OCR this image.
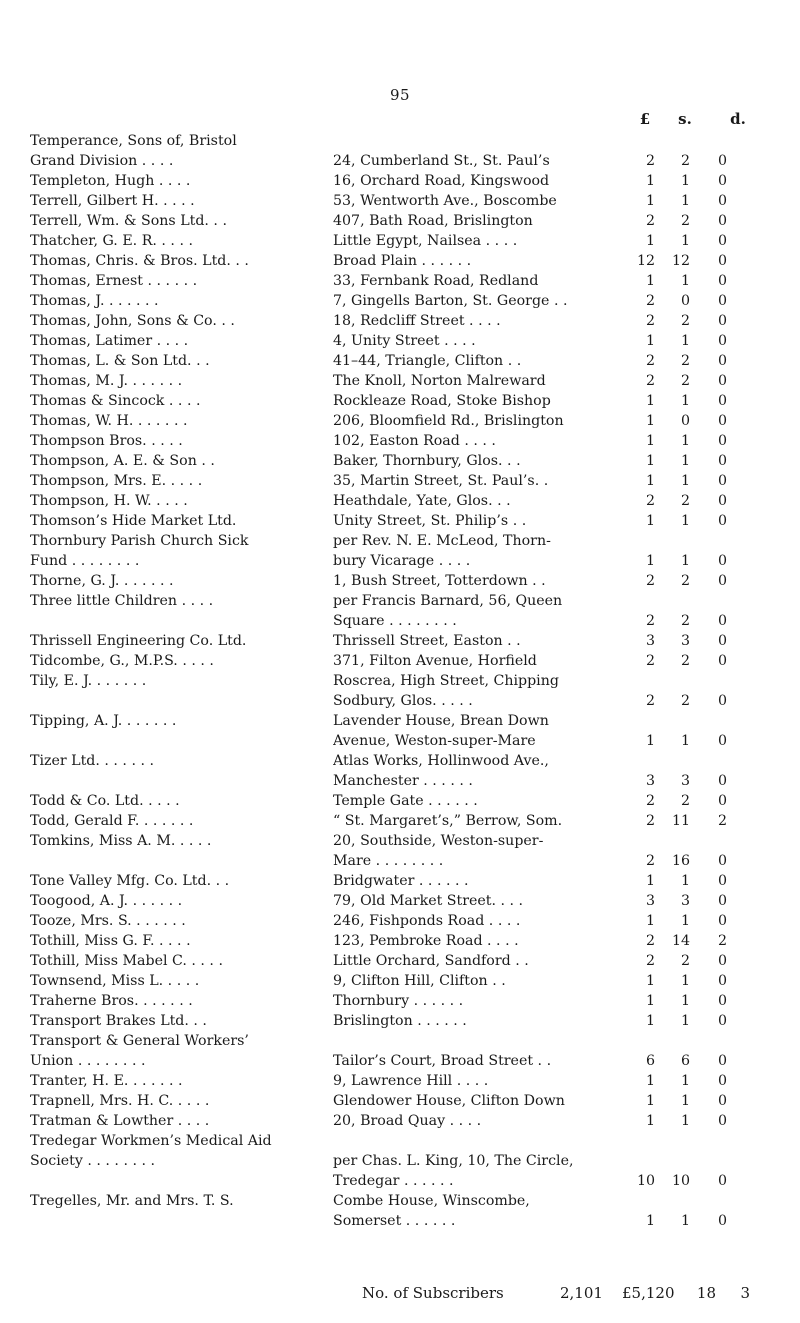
95
£	s.	d.
Temperance, Sons of, Bristol
Grand Division . . . .	24, Cumberland St., St. Paul’s	2	2	0
Templeton, Hugh . . . .	16, Orchard Road, Kingswood	1	1	0
Terrell, Gilbert H. . . . .	53, Wentworth Ave., Boscombe	1	1	0
Terrell, Wm. & Sons Ltd. . .	407, Bath Road, Brislington	2	2	0
Thatcher, G. E. R. . . . .	Little Egypt, Nailsea . . . .	1	1	0
Thomas, Chris. & Bros. Ltd. . .	Broad Plain . . . . . .	12	12	0
Thomas, Ernest . . . . . .	33, Fernbank Road, Redland	1	1	0
Thomas, J. . . . . . .	7, Gingells Barton, St. George . .	2	0	0
Thomas, John, Sons & Co. . .	18, Redcliff Street . . . .	2	2	0
Thomas, Latimer . . . .	4, Unity Street . . . .	1	1	0
Thomas, L. & Son Ltd. . .	41–44, Triangle, Clifton . .	2	2	0
Thomas, M. J. . . . . . .	The Knoll, Norton Malreward	2	2	0
Thomas & Sincock . . . .	Rockleaze Road, Stoke Bishop	1	1	0
Thomas, W. H. . . . . . .	206, Bloomfield Rd., Brislington	1	0	0
Thompson Bros. . . . .	102, Easton Road . . . .	1	1	0
Thompson, A. E. & Son . .	Baker, Thornbury, Glos. . .	1	1	0
Thompson, Mrs. E. . . . .	35, Martin Street, St. Paul’s. .	1	1	0
Thompson, H. W. . . . .	Heathdale, Yate, Glos. . .	2	2	0
Thomson’s Hide Market Ltd.	Unity Street, St. Philip’s . .	1	1	0
Thornbury Parish Church Sick	per Rev. N. E. McLeod, Thorn-
Fund . . . . . . . .	bury Vicarage . . . .	1	1	0
Thorne, G. J. . . . . . .	1, Bush Street, Totterdown . .	2	2	0
Three little Children . . . .	per Francis Barnard, 56, Queen
Square . . . . . . . .	2	2	0
Thrissell Engineering Co. Ltd.	Thrissell Street, Easton . .	3	3	0
Tidcombe, G., M.P.S. . . . .	371, Filton Avenue, Horfield	2	2	0
Tily, E. J. . . . . . .	Roscrea, High Street, Chipping
Sodbury, Glos. . . . .	2	2	0
Tipping, A. J. . . . . . .	Lavender House, Brean Down
Avenue, Weston-super-Mare	1	1	0
Tizer Ltd. . . . . . .	Atlas Works, Hollinwood Ave.,
Manchester . . . . . .	3	3	0
Todd & Co. Ltd. . . . .	Temple Gate . . . . . .	2	2	0
Todd, Gerald F. . . . . . .	“ St. Margaret’s,” Berrow, Som.	2	11	2
Tomkins, Miss A. M. . . . .	20, Southside, Weston-super-
Mare . . . . . . . .	2	16	0
Tone Valley Mfg. Co. Ltd. . .	Bridgwater . . . . . .	1	1	0
Toogood, A. J. . . . . . .	79, Old Market Street. . . .	3	3	0
Tooze, Mrs. S. . . . . . .	246, Fishponds Road . . . .	1	1	0
Tothill, Miss G. F. . . . .	123, Pembroke Road . . . .	2	14	2
Tothill, Miss Mabel C. . . . .	Little Orchard, Sandford . .	2	2	0
Townsend, Miss L. . . . .	9, Clifton Hill, Clifton . .	1	1	0
Traherne Bros. . . . . . .	Thornbury . . . . . .	1	1	0
Transport Brakes Ltd. . .	Brislington . . . . . .	1	1	0
Transport & General Workers’
Union . . . . . . . .	Tailor’s Court, Broad Street . .	6	6	0
Tranter, H. E. . . . . . .	9, Lawrence Hill . . . .	1	1	0
Trapnell, Mrs. H. C. . . . .	Glendower House, Clifton Down	1	1	0
Tratman & Lowther . . . .	20, Broad Quay . . . .	1	1	0
Tredegar Workmen’s Medical Aid
Society . . . . . . . .	per Chas. L. King, 10, The Circle,
Tredegar . . . . . .	10	10	0
Tregelles, Mr. and Mrs. T. S.	Combe House, Winscombe,
Somerset . . . . . .	1	1	0
No. of Subscribers	2,101 £5,120	18 3
